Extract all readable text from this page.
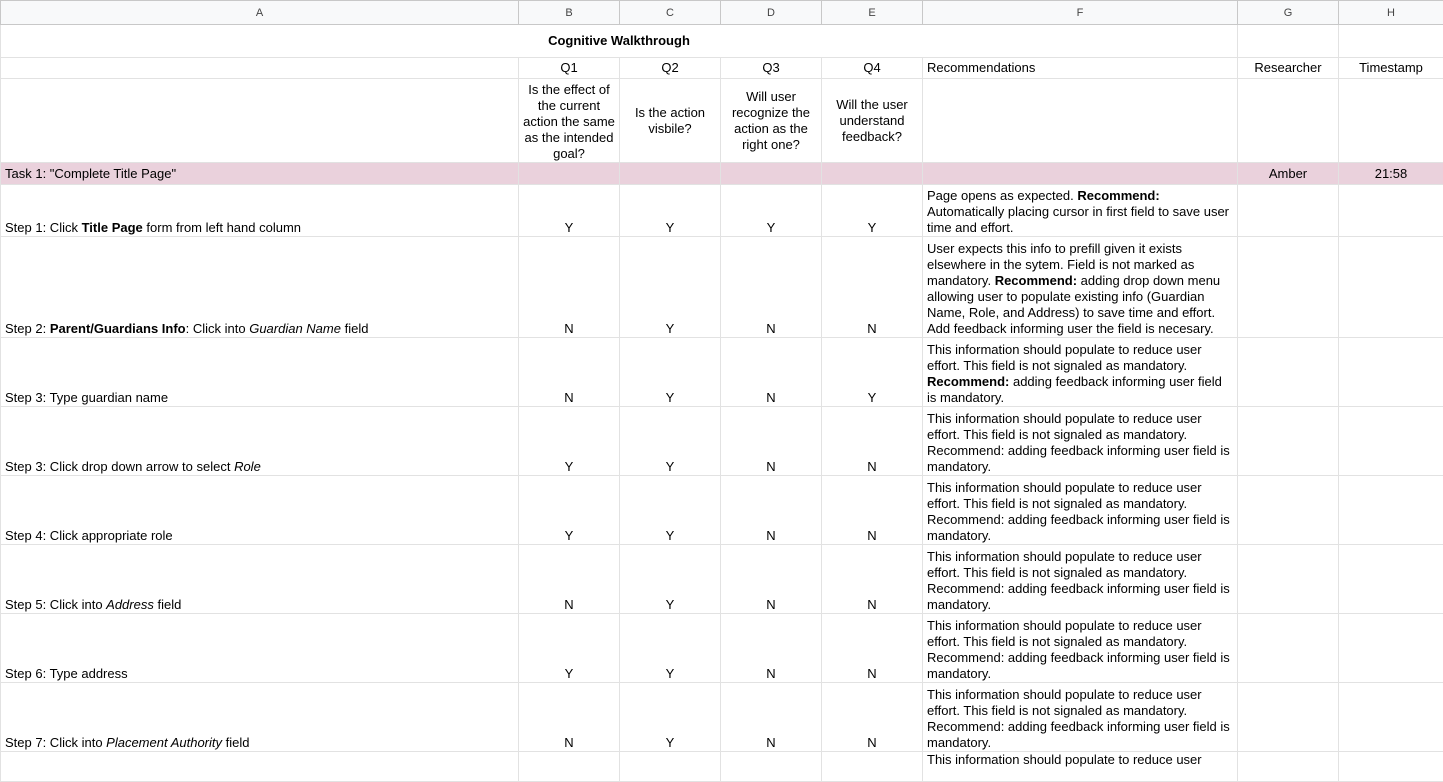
A	B	C	D	E	F	G	H
Cognitive Walkthrough							
	Q1	Q2	Q3	Q4	Recommendations	Researcher	Timestamp
	Is the effect of the current action the same as the intended goal?	Is the action visbile?	Will user recognize the action as the right one?	Will the user understand feedback?			
Task 1: "Complete Title Page"						Amber	21:58
Step 1: Click Title Page form from left hand column	Y	Y	Y	Y	Page opens as expected. Recommend: Automatically placing cursor in first field to save user time and effort.		
Step 2: Parent/Guardians Info: Click into Guardian Name field	N	Y	N	N	User expects this info to prefill given it exists elsewhere in the sytem. Field is not marked as mandatory. Recommend: adding drop down menu allowing user to populate existing info (Guardian Name, Role, and Address) to save time and effort. Add feedback informing user the field is necesary.		
Step 3: Type guardian name	N	Y	N	Y	This information should populate to reduce user effort. This field is not signaled as mandatory. Recommend: adding feedback informing user field is mandatory.		
Step 3: Click drop down arrow to select Role	Y	Y	N	N	This information should populate to reduce user effort. This field is not signaled as mandatory. Recommend: adding feedback informing user field is mandatory.		
Step 4: Click appropriate role	Y	Y	N	N	This information should populate to reduce user effort. This field is not signaled as mandatory. Recommend: adding feedback informing user field is mandatory.		
Step 5: Click into Address field	N	Y	N	N	This information should populate to reduce user effort. This field is not signaled as mandatory. Recommend: adding feedback informing user field is mandatory.		
Step 6: Type address	Y	Y	N	N	This information should populate to reduce user effort. This field is not signaled as mandatory. Recommend: adding feedback informing user field is mandatory.		
Step 7: Click into Placement Authority field	N	Y	N	N	This information should populate to reduce user effort. This field is not signaled as mandatory. Recommend: adding feedback informing user field is mandatory.		
					This information should populate to reduce user		
